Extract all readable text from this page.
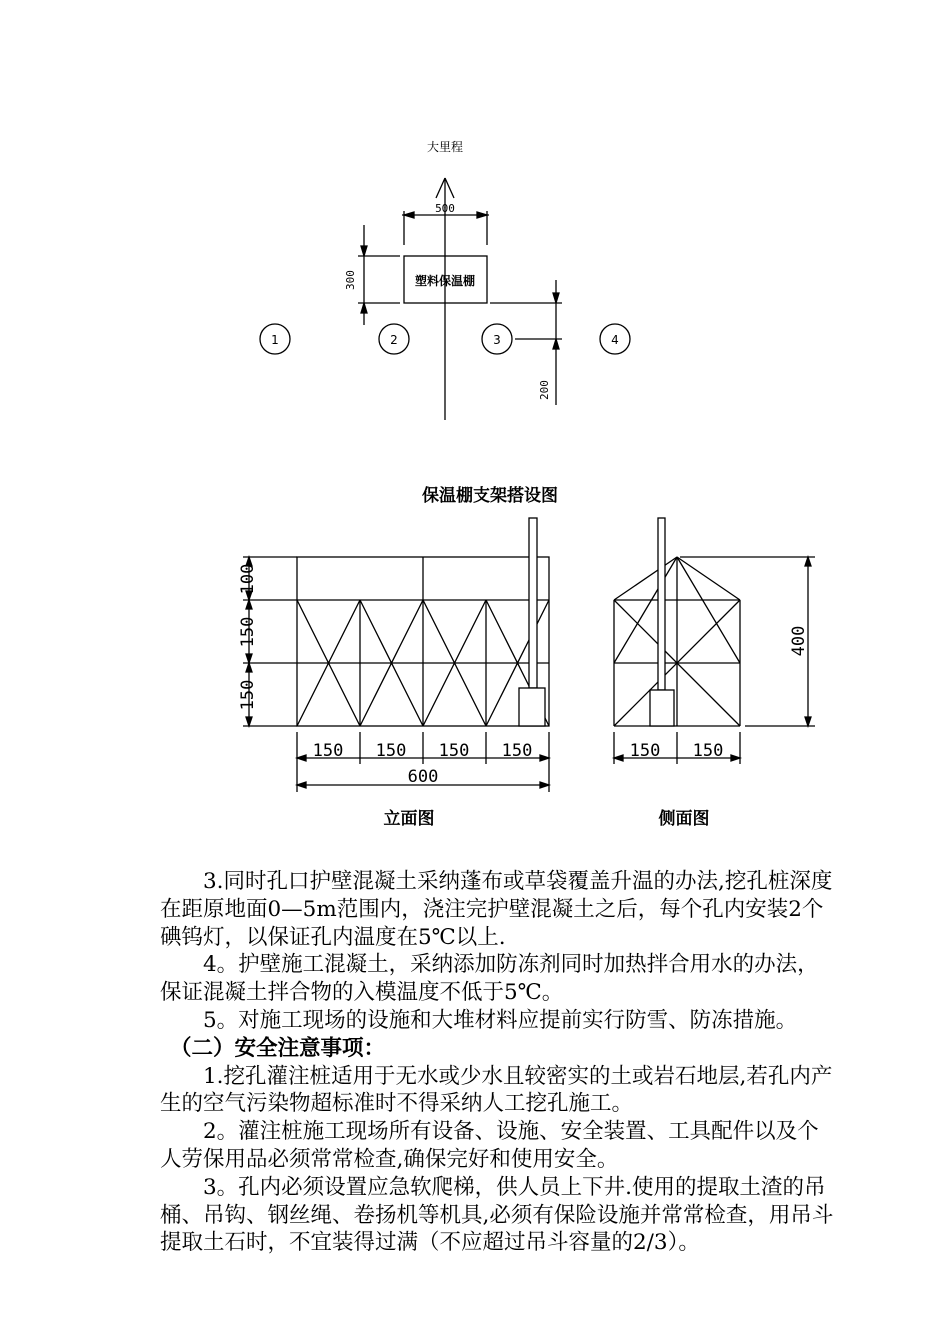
大里程
500
300
200
塑料保温棚
1	2	3	4
保温棚支架搭设图
100
150
150
150 150 150 150
600
150 150
400
立面图	侧面图

3.同时孔口护壁混凝土采纳蓬布或草袋覆盖升温的办法,挖孔桩深度在距原地面0—5m范围内，浇注完护壁混凝土之后，每个孔内安装2个碘钨灯，以保证孔内温度在5℃以上.

4。护壁施工混凝土，采纳添加防冻剂同时加热拌合用水的办法，保证混凝土拌合物的入模温度不低于5℃。

5。对施工现场的设施和大堆材料应提前实行防雪、防冻措施。

（二）安全注意事项：

1.挖孔灌注桩适用于无水或少水且较密实的土或岩石地层,若孔内产生的空气污染物超标准时不得采纳人工挖孔施工。

2。灌注桩施工现场所有设备、设施、安全装置、工具配件以及个人劳保用品必须常常检查,确保完好和使用安全。

3。孔内必须设置应急软爬梯，供人员上下井.使用的提取土渣的吊桶、吊钩、钢丝绳、卷扬机等机具,必须有保险设施并常常检查，用吊斗提取土石时，不宜装得过满（不应超过吊斗容量的2/3）。
